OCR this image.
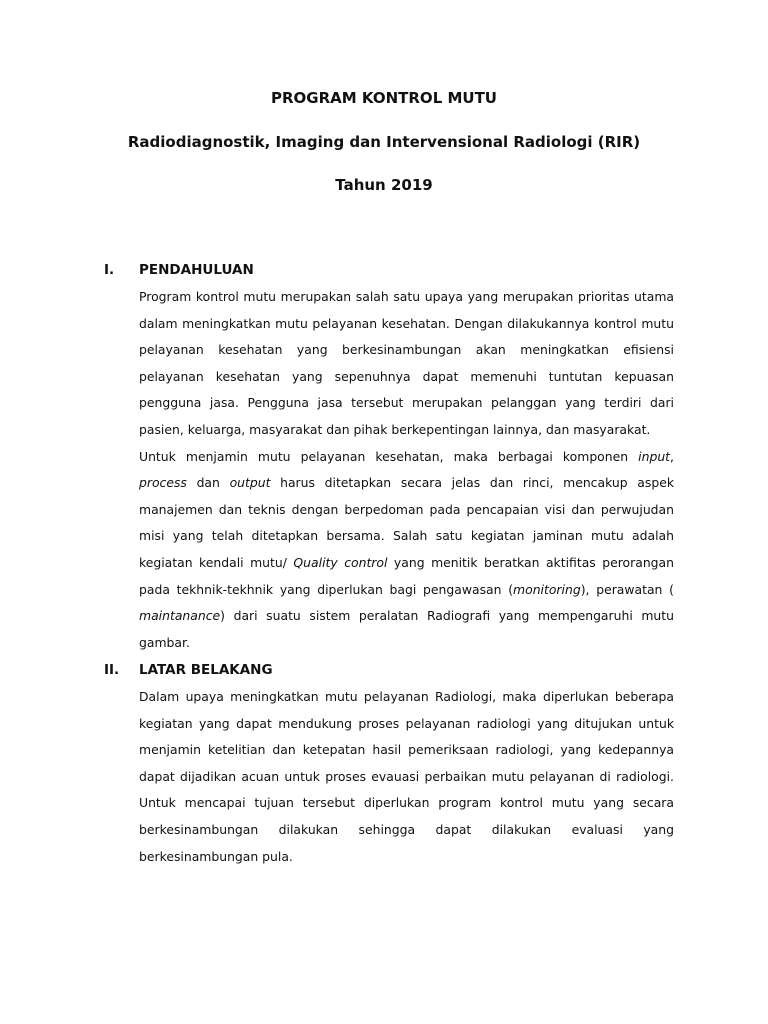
PROGRAM KONTROL MUTU
Radiodiagnostik, Imaging dan Intervensional Radiologi (RIR)
Tahun 2019
I. PENDAHULUAN

Program kontrol mutu merupakan salah satu upaya yang merupakan prioritas utama dalam meningkatkan mutu pelayanan kesehatan. Dengan dilakukannya kontrol mutu pelayanan kesehatan yang berkesinambungan akan meningkatkan efisiensi pelayanan kesehatan yang sepenuhnya dapat memenuhi tuntutan kepuasan pengguna jasa. Pengguna jasa tersebut merupakan pelanggan yang terdiri dari pasien, keluarga, masyarakat dan pihak berkepentingan lainnya, dan masyarakat.

Untuk menjamin mutu pelayanan kesehatan, maka berbagai komponen input, process dan output harus ditetapkan secara jelas dan rinci, mencakup aspek manajemen dan teknis dengan berpedoman pada pencapaian visi dan perwujudan misi yang telah ditetapkan bersama. Salah satu kegiatan jaminan mutu adalah kegiatan kendali mutu/ Quality control yang menitik beratkan aktifitas perorangan pada tekhnik-tekhnik yang diperlukan bagi pengawasan (monitoring), perawatan ( maintanance) dari suatu sistem peralatan Radiografi yang mempengaruhi mutu gambar.

II. LATAR BELAKANG

Dalam upaya meningkatkan mutu pelayanan Radiologi, maka diperlukan beberapa kegiatan yang dapat mendukung proses pelayanan radiologi yang ditujukan untuk menjamin ketelitian dan ketepatan hasil pemeriksaan radiologi, yang kedepannya dapat dijadikan acuan untuk proses evauasi perbaikan mutu pelayanan di radiologi. Untuk mencapai tujuan tersebut diperlukan program kontrol mutu yang secara berkesinambungan dilakukan sehingga dapat dilakukan evaluasi yang berkesinambungan pula.
